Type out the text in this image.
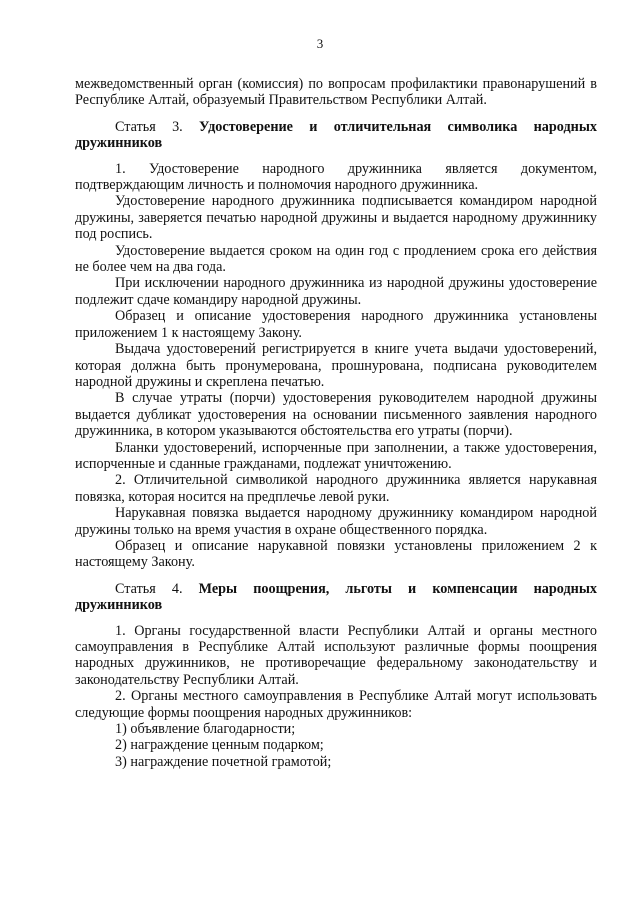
3

межведомственный орган (комиссия) по вопросам профилактики правонарушений в Республике Алтай, образуемый Правительством Республики Алтай.

Статья 3. Удостоверение и отличительная символика народных дружинников

1. Удостоверение народного дружинника является документом, подтверждающим личность и полномочия народного дружинника.

Удостоверение народного дружинника подписывается командиром народной дружины, заверяется печатью народной дружины и выдается народному дружиннику под роспись.

Удостоверение выдается сроком на один год с продлением срока его действия не более чем на два года.

При исключении народного дружинника из народной дружины удостоверение подлежит сдаче командиру народной дружины.

Образец и описание удостоверения народного дружинника установлены приложением 1 к настоящему Закону.

Выдача удостоверений регистрируется в книге учета выдачи удостоверений, которая должна быть пронумерована, прошнурована, подписана руководителем народной дружины и скреплена печатью.

В случае утраты (порчи) удостоверения руководителем народной дружины выдается дубликат удостоверения на основании письменного заявления народного дружинника, в котором указываются обстоятельства его утраты (порчи).

Бланки удостоверений, испорченные при заполнении, а также удостоверения, испорченные и сданные гражданами, подлежат уничтожению.

2. Отличительной символикой народного дружинника является нарукавная повязка, которая носится на предплечье левой руки.

Нарукавная повязка выдается народному дружиннику командиром народной дружины только на время участия в охране общественного порядка.

Образец и описание нарукавной повязки установлены приложением 2 к настоящему Закону.

Статья 4. Меры поощрения, льготы и компенсации народных дружинников

1. Органы государственной власти Республики Алтай и органы местного самоуправления в Республике Алтай используют различные формы поощрения народных дружинников, не противоречащие федеральному законодательству и законодательству Республики Алтай.

2. Органы местного самоуправления в Республике Алтай могут использовать следующие формы поощрения народных дружинников:

1) объявление благодарности;

2) награждение ценным подарком;

3) награждение почетной грамотой;
